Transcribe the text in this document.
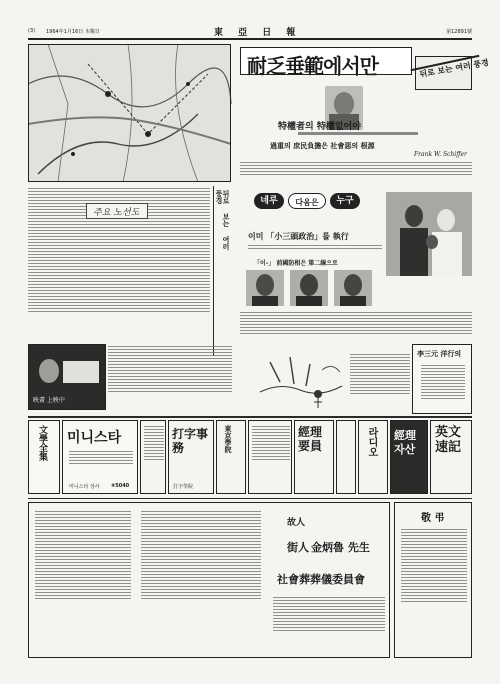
(3) 1964年1月16日 木曜日	東 亞 日 報	第12891號
耐乏垂範에서만	뒤로 보는 여러 풍경
特權者의 特權없어야
過重의 庶民負擔은 社會惡의 根源
Frank W. Schiffer
주요 노선도	뒤로 보는 여러 풍경	네루	다음은	누구
이미 「小三頭政治」를 執行
「이-」 前國防相은 第二線으로
映畫 上映中
李三元 洋行의
文學全集 미니스타
미니스타 상사 ⑧5040
打字事務
打字學院
東京學院	經理要員	라디오 經理자산
英文速記
故人
街人 金炳魯 先生
社會葬葬儀委員會
敬 弔
